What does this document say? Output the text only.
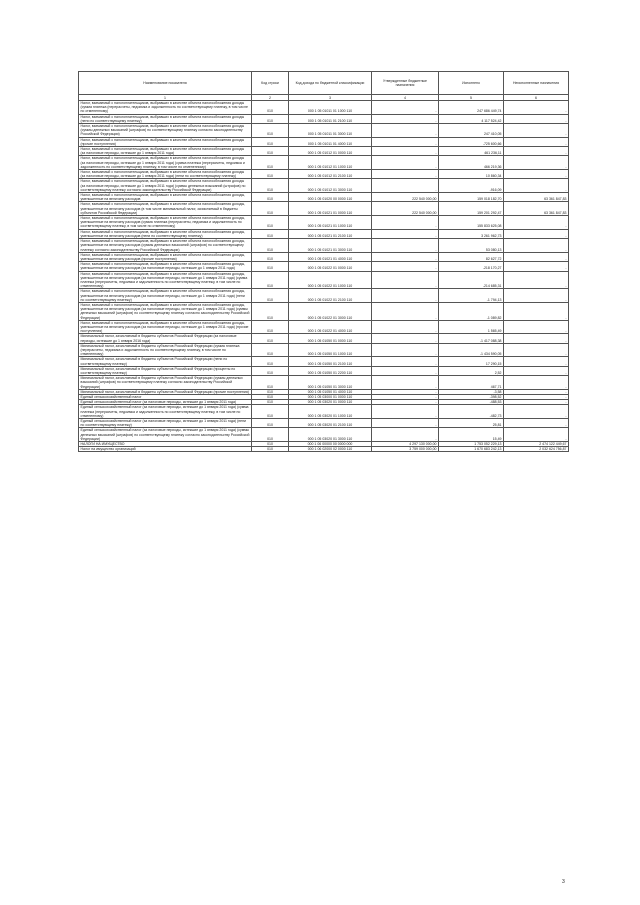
Наименование показателя	Код строки	Код дохода по бюджетной классификации	Утвержденные бюджетные назначения	Исполнено	Неисполненные назначения
1	2	3	4	5	6
Налог, взимаемый с налогоплательщиков, выбравших в качестве объекта налогообложения доходы (сумма платежа (перерасчеты, недоимка и задолженность по соответствующему платежу, в том числе по отмененному)	010	000 1 05 01011 01 1000 110	-	247 686 449,74	-
Налог, взимаемый с налогоплательщиков, выбравших в качестве объекта налогообложения доходы (пени по соответствующему платежу)	010	000 1 05 01011 01 2100 110	-	4 117 524,42	-
Налог, взимаемый с налогоплательщиков, выбравших в качестве объекта налогообложения доходы (суммы денежных взысканий (штрафов) по соответствующему платежу согласно законодательству Российской Федерации)	010	000 1 05 01011 01 3000 110	-	247 410,05	-
Налог, взимаемый с налогоплательщиков, выбравших в качестве объекта налогообложения доходы (прочие поступления)	010	000 1 05 01011 01 4000 110	-	-725 600,66	-
Налог, взимаемый с налогоплательщиков, выбравших в качестве объекта налогообложения доходы (за налоговые периоды, истекшие до 1 января 2011 года)	010	000 1 05 01012 01 0000 110	-	461 236,11	-
Налог, взимаемый с налогоплательщиков, выбравших в качестве объекта налогообложения доходы (за налоговые периоды, истекшие до 1 января 2011 года) (сумма платежа (перерасчеты, недоимка и задолженность по соответствующему платежу, в том числе по отмененному)	010	000 1 05 01012 01 1000 110	-	466 219,36	-
Налог, взимаемый с налогоплательщиков, выбравших в качестве объекта налогообложения доходы (за налоговые периоды, истекшие до 1 января 2011 года) (пени по соответствующему платежу)	010	000 1 05 01012 01 2100 110	-	10 860,34	-
Налог, взимаемый с налогоплательщиков, выбравших в качестве объекта налогообложения доходы (за налоговые периоды, истекшие до 1 января 2011 года) (суммы денежных взысканий (штрафов) по соответствующему платежу согласно законодательству Российской Федерации)	010	000 1 05 01012 01 3000 110	-	-916,09	-
Налог, взимаемый с налогоплательщиков, выбравших в качестве объекта налогообложения доходы, уменьшенные на величину расходов	010	000 1 05 01020 00 0000 110	222 540 000,00	159 018 182,70	63 361 847,83
Налог, взимаемый с налогоплательщиков, выбравших в качестве объекта налогообложения доходы, уменьшенные на величину расходов (в том числе минимальный налог, зачисляемый в бюджеты субъектов Российской Федерации)	010	000 1 05 01021 01 0000 110	222 540 000,00	159 201 292,47	63 361 847,83
Налог, взимаемый с налогоплательщиков, выбравших в качестве объекта налогообложения доходы, уменьшенные на величину расходов (сумма платежа (перерасчеты, недоимка и задолженность по соответствующему платежу, в том числе по отмененному)	010	000 1 05 01021 01 1000 110	-	155 833 625,08	-
Налог, взимаемый с налогоплательщиков, выбравших в качестве объекта налогообложения доходы, уменьшенные на величину расходов (пени по соответствующему платежу)	010	000 1 05 01021 01 2100 110	-	3 261 962,73	-
Налог, взимаемый с налогоплательщиков, выбравших в качестве объекта налогообложения доходы, уменьшенные на величину расходов (суммы денежных взысканий (штрафов) по соответствующему платежу согласно законодательству Российской Федерации)	010	000 1 05 01021 01 3000 110	-	53 080,13	-
Налог, взимаемый с налогоплательщиков, выбравших в качестве объекта налогообложения доходы, уменьшенные на величину расходов (прочие поступления)	010	000 1 05 01021 01 4000 110	-	82 627,72	-
Налог, взимаемый с налогоплательщиков, выбравших в качестве объекта налогообложения доходы, уменьшенные на величину расходов (за налоговые периоды, истекшие до 1 января 2011 года)	010	000 1 05 01022 01 0000 110	-	-218 170,27	-
Налог, взимаемый с налогоплательщиков, выбравших в качестве объекта налогообложения доходы, уменьшенные на величину расходов (за налоговые периоды, истекшие до 1 января 2011 года) (сумма платежа (перерасчеты, недоимка и задолженность по соответствующему платежу, в том числе по отмененному)	010	000 1 05 01022 01 1000 110	-	-214 685,31	-
Налог, взимаемый с налогоплательщиков, выбравших в качестве объекта налогообложения доходы, уменьшенные на величину расходов (за налоговые периоды, истекшие до 1 января 2011 года) (пени по соответствующему платежу)	010	000 1 05 01022 01 2100 110	-	-1 794,13	-
Налог, взимаемый с налогоплательщиков, выбравших в качестве объекта налогообложения доходы, уменьшенные на величину расходов (за налоговые периоды, истекшие до 1 января 2011 года) (суммы денежных взысканий (штрафов) по соответствующему платежу согласно законодательству Российской Федерации)	010	000 1 05 01022 01 3000 110	-	-1 089,82	-
Налог, взимаемый с налогоплательщиков, выбравших в качестве объекта налогообложения доходы, уменьшенные на величину расходов (за налоговые периоды, истекшие до 1 января 2011 года) (прочие поступления)	010	000 1 05 01022 01 4000 110	-	1 565,49	-
Минимальный налог, зачисляемый в бюджеты субъектов Российской Федерации (за налоговые периоды, истекшие до 1 января 2016 года)	010	000 1 05 01050 01 0000 110	-	-1 417 088,38	-
Минимальный налог, зачисляемый в бюджеты субъектов Российской Федерации (сумма платежа (перерасчеты, недоимка и задолженность по соответствующему платежу, в том числе по отмененному)	010	000 1 05 01050 01 1000 110	-	-1 434 590,05	-
Минимальный налог, зачисляемый в бюджеты субъектов Российской Федерации (пени по соответствующему платежу)	010	000 1 05 01050 01 2100 110	-	17 290,15	-
Минимальный налог, зачисляемый в бюджеты субъектов Российской Федерации (проценты по соответствующему платежу)	010	000 1 05 01050 01 2200 110	-	2,52	-
Минимальный налог, зачисляемый в бюджеты субъектов Российской Федерации (суммы денежных взысканий (штрафов) по соответствующему платежу согласно законодательству Российской Федерации)	010	000 1 05 01050 01 3000 110	-	467,71	-
Минимальный налог, зачисляемый в бюджеты субъектов Российской Федерации (прочие поступления)	010	000 1 05 01050 01 4000 110	-	-3,58	-
Единый сельскохозяйственный налог	010	000 1 05 03000 01 0000 110	-	-398,52	-
Единый сельскохозяйственный налог (за налоговые периоды, истекшие до 1 января 2011 года)	010	000 1 05 03020 01 0000 110	-	-488,53	-
Единый сельскохозяйственный налог (за налоговые периоды, истекшие до 1 января 2011 года) (сумма платежа (перерасчеты, недоимка и задолженность по соответствующему платежу, в том числе по отмененному)	010	000 1 05 03020 01 1000 110	-	-482,73	-
Единый сельскохозяйственный налог (за налоговые периоды, истекшие до 1 января 2011 года) (пени по соответствующему платежу)	010	000 1 05 03020 01 2100 110	-	25,81	-
Единый сельскохозяйственный налог (за налоговые периоды, истекшие до 1 января 2011 года) (суммы денежных взысканий (штрафов) по соответствующему платежу согласно законодательству Российской Федерации)	010	000 1 05 03020 01 3000 110	-	15,49	-
НАЛОГИ НА ИМУЩЕСТВО	010	000 1 06 00000 00 0000 000	4 297 130 000,00	1 753 052 229,13	2 474 122 449,67
Налог на имущество организаций	010	000 1 06 02000 02 0000 110	3 759 000 000,00	1 670 683 242,13	2 032 624 756,87
3
